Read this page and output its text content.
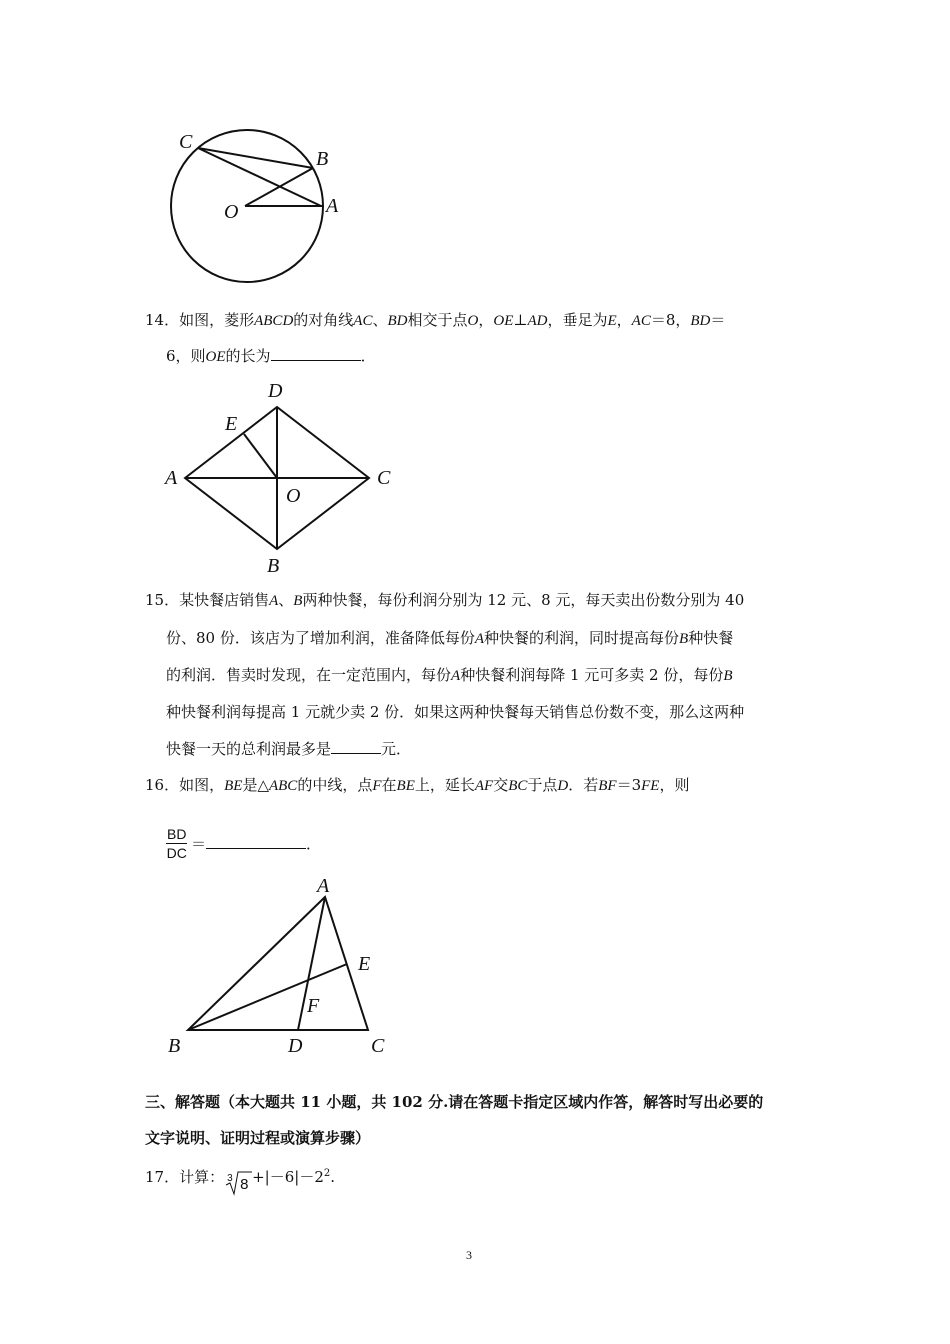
C
B
O	A
14．如图，菱形ABCD的对角线AC、BD相交于点O，OE⊥AD，垂足为E，AC＝8，BD＝
6，则OE的长为	．
D
E
A
O
C
B
15．某快餐店销售A、B两种快餐，每份利润分别为 12 元、8 元，每天卖出份数分别为 40
份、80 份．该店为了增加利润，准备降低每份A种快餐的利润，同时提高每份B种快餐
的利润．售卖时发现，在一定范围内，每份A种快餐利润每降 1 元可多卖 2 份，每份B
种快餐利润每提高 1 元就少卖 2 份．如果这两种快餐每天销售总份数不变，那么这两种
快餐一天的总利润最多是	元．
16．如图，BE是△ABC的中线，点F在BE上，延长AF交BC于点D．若BF＝3FE，则
$\frac{BD}{DC}$ ＝	．
A
E
F
B	D	C
三、解答题（本大题共 11 小题，共 102 分.请在答题卡指定区域内作答，解答时写出必要的
文字说明、证明过程或演算步骤）
17．计算： 3 $8 +|-6|-2^2$.
3
